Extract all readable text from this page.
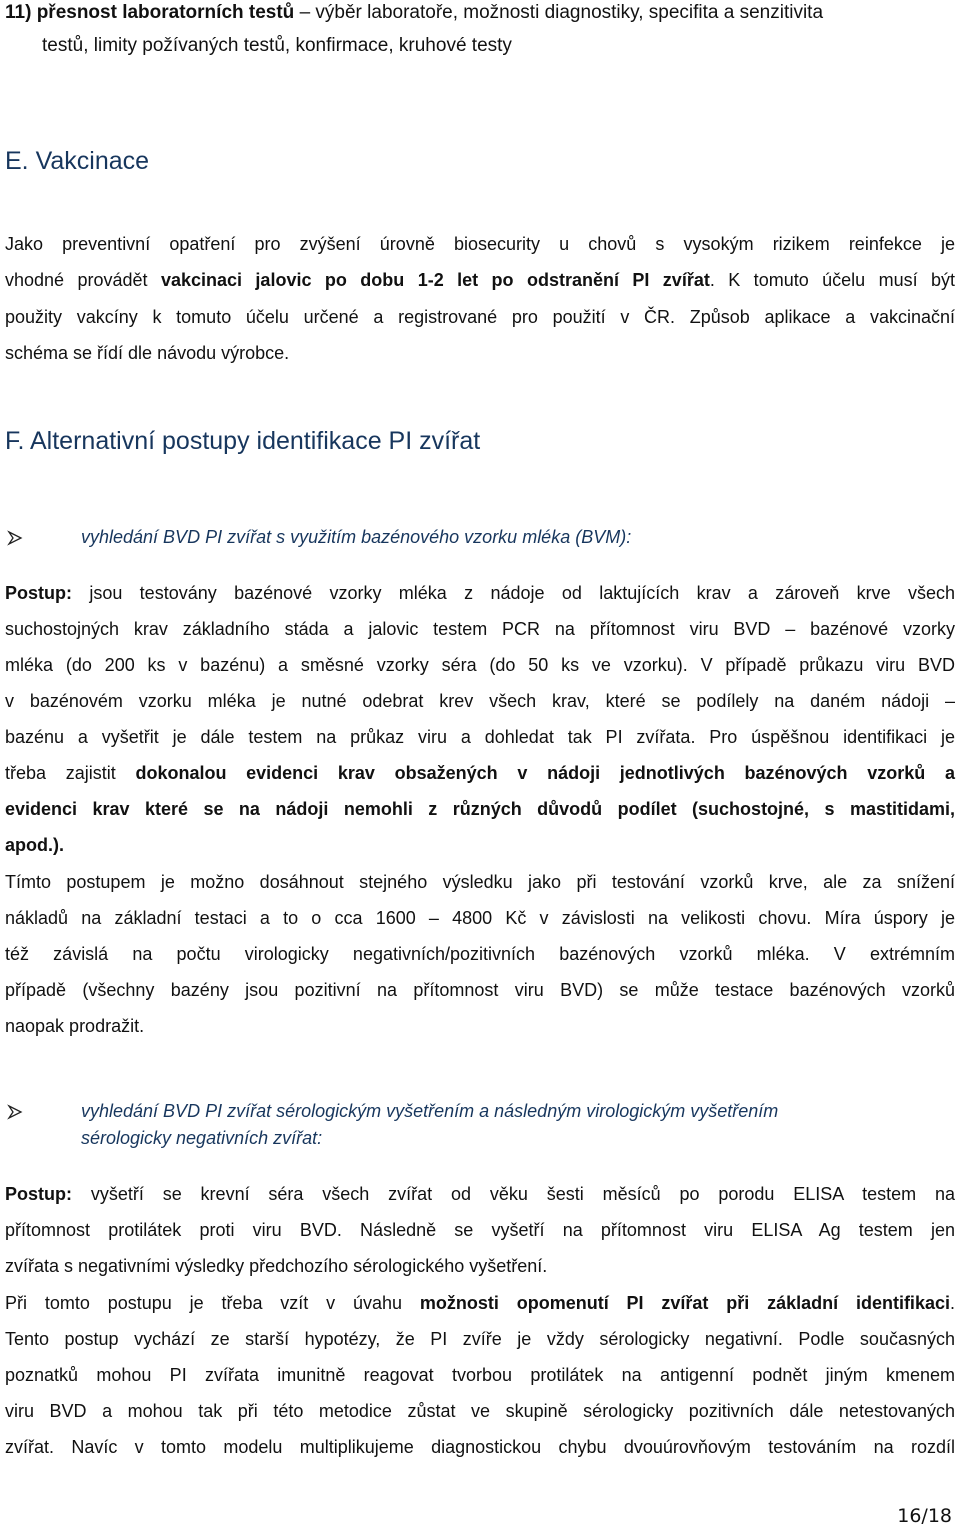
11) přesnost laboratorních testů – výběr laboratoře, možnosti diagnostiky, specifita a senzitivita
testů, limity požívaných testů, konfirmace, kruhové testy
E. Vakcinace
Jako preventivní opatření pro zvýšení úrovně biosecurity u chovů s vysokým rizikem reinfekce je
vhodné provádět vakcinaci jalovic po dobu 1-2 let po odstranění PI zvířat. K tomuto účelu musí být
použity vakcíny k tomuto účelu určené a registrované pro použití v ČR. Způsob aplikace a vakcinační
schéma se řídí dle návodu výrobce.
F. Alternativní postupy identifikace PI zvířat
vyhledání BVD PI zvířat s využitím bazénového vzorku mléka (BVM):
Postup: jsou testovány bazénové vzorky mléka z nádoje od laktujících krav a zároveň krve všech
suchostojných krav základního stáda a jalovic testem PCR na přítomnost viru BVD – bazénové vzorky
mléka (do 200 ks v bazénu) a směsné vzorky séra (do 50 ks ve vzorku). V případě průkazu viru BVD
v bazénovém vzorku mléka je nutné odebrat krev všech krav, které se podílely na daném nádoji –
bazénu a vyšetřit je dále testem na průkaz viru a dohledat tak PI zvířata. Pro úspěšnou identifikaci je
třeba zajistit dokonalou evidenci krav obsažených v nádoji jednotlivých bazénových vzorků a
evidenci krav které se na nádoji nemohli z různých důvodů podílet (suchostojné, s mastitidami,
apod.).
Tímto postupem je možno dosáhnout stejného výsledku jako při testování vzorků krve, ale za snížení
nákladů na základní testaci a to o cca 1600 – 4800 Kč v závislosti na velikosti chovu. Míra úspory je
též závislá na počtu virologicky negativních/pozitivních bazénových vzorků mléka. V extrémním
případě (všechny bazény jsou pozitivní na přítomnost viru BVD) se může testace bazénových vzorků
naopak prodražit.
vyhledání BVD PI zvířat sérologickým vyšetřením a následným virologickým vyšetřením
sérologicky negativních zvířat:
Postup: vyšetří se krevní séra všech zvířat od věku šesti měsíců po porodu ELISA testem na
přítomnost protilátek proti viru BVD. Následně se vyšetří na přítomnost viru ELISA Ag testem jen
zvířata s negativními výsledky předchozího sérologického vyšetření.
Při tomto postupu je třeba vzít v úvahu možnosti opomenutí PI zvířat při základní identifikaci.
Tento postup vychází ze starší hypotézy, že PI zvíře je vždy sérologicky negativní. Podle současných
poznatků mohou PI zvířata imunitně reagovat tvorbou protilátek na antigenní podnět jiným kmenem
viru BVD a mohou tak při této metodice zůstat ve skupině sérologicky pozitivních dále netestovaných
zvířat. Navíc v tomto modelu multiplikujeme diagnostickou chybu dvouúrovňovým testováním na rozdíl
16/18
